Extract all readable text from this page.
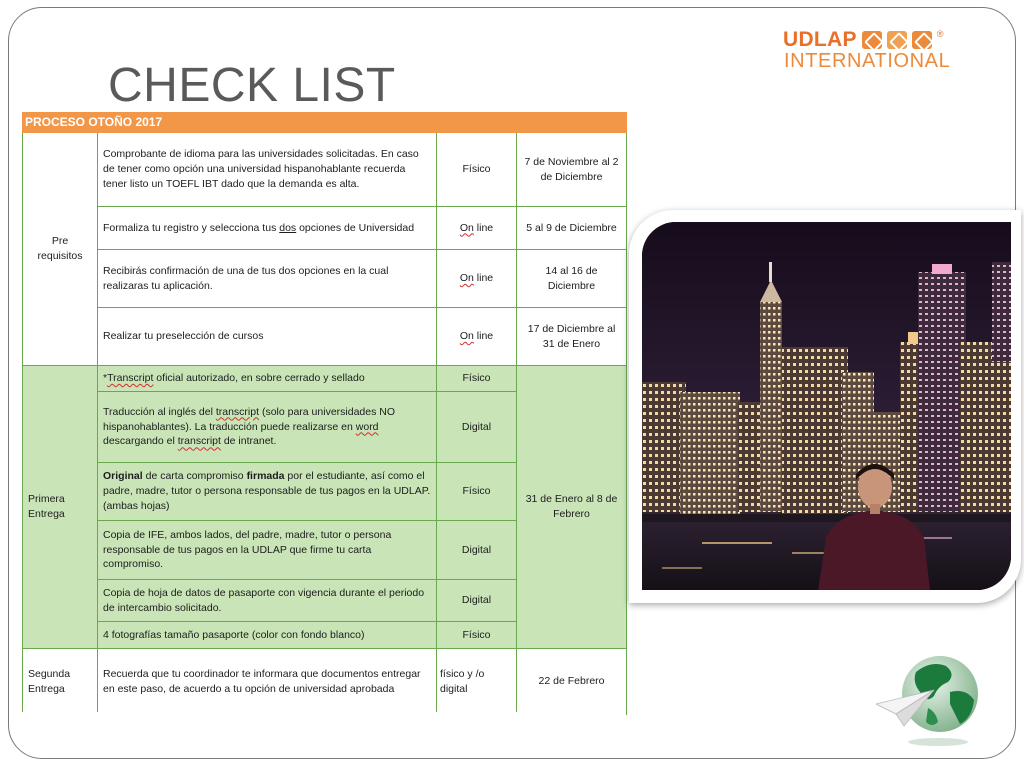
UDLAP	®
INTERNATIONAL
CHECK LIST
PROCESO OTOÑO 2017			
Pre requisitos	Comprobante de idioma para las universidades solicitadas. En caso de tener como opción una universidad hispanohablante recuerda tener listo un TOEFL IBT dado que la demanda es alta.	Físico	7 de Noviembre al 2 de Diciembre
	Formaliza tu registro y selecciona tus dos opciones de Universidad	On line	5 al 9 de Diciembre
	Recibirás confirmación de una de tus dos opciones en la cual realizaras tu aplicación.	On line	14 al 16 de Diciembre
	Realizar tu preselección de cursos	On line	17 de Diciembre al 31 de Enero
Primera Entrega	*Transcript oficial autorizado, en sobre cerrado y sellado	Físico	31 de Enero al 8 de Febrero
	Traducción al inglés del transcript (solo para universidades NO hispanohablantes). La traducción puede realizarse en word descargando el transcript de intranet.	Digital	
	Original de carta compromiso firmada por el estudiante, así como el padre, madre, tutor o persona responsable de tus pagos en la UDLAP. (ambas hojas)	Físico	
	Copia de IFE, ambos lados, del padre, madre, tutor o persona responsable de tus pagos en la UDLAP que firme tu carta compromiso.	Digital	
	Copia de hoja de datos de pasaporte con vigencia durante el periodo de intercambio solicitado.	Digital	
	4 fotografías tamaño pasaporte (color con fondo blanco)	Físico	
Segunda Entrega	Recuerda que tu coordinador te informara que documentos entregar en este paso, de acuerdo a tu opción de universidad aprobada	físico y /o digital	22 de Febrero
